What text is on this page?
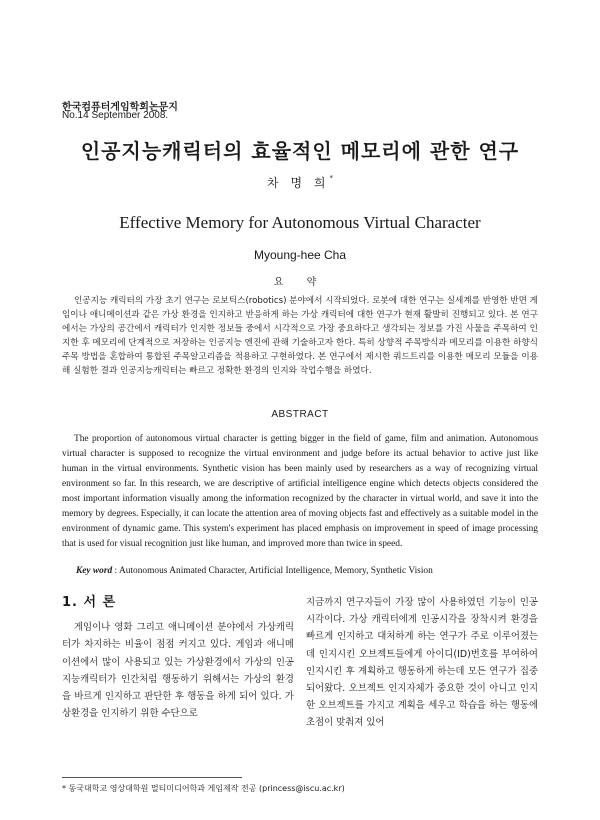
한국컴퓨터게임학회논문지
No.14 September 2008.
인공지능캐릭터의 효율적인 메모리에 관한 연구
차 명 희*
Effective Memory for Autonomous Virtual Character
Myoung-hee Cha
요 약
인공지능 캐릭터의 가장 초기 연구는 로보틱스(robotics) 분야에서 시작되었다. 로봇에 대한 연구는 실세계를 반영한 반면 게임이나 애니메이션과 같은 가상 환경을 인지하고 반응하게 하는 가상 캐릭터에 대한 연구가 현재 활발히 진행되고 있다. 본 연구에서는 가상의 공간에서 캐릭터가 인지한 정보들 중에서 시각적으로 가장 중요하다고 생각되는 정보를 가진 사물을 주목하여 인지한 후 메모리에 단계적으로 저장하는 인공지능 엔진에 관해 기술하고자 한다. 특히 상향적 주목방식과 메모리를 이용한 하향식 주목 방법을 혼합하여 통합된 주목알고리즘을 적용하고 구현하였다. 본 연구에서 제시한 쿼드트리를 이용한 메모리 모듈을 이용해 실험한 결과 인공지능캐릭터는 빠르고 정확한 환경의 인지와 작업수행을 하였다.
ABSTRACT
The proportion of autonomous virtual character is getting bigger in the field of game, film and animation. Autonomous virtual character is supposed to recognize the virtual environment and judge before its actual behavior to active just like human in the virtual environments. Synthetic vision has been mainly used by researchers as a way of recognizing virtual environment so far. In this research, we are descriptive of artificial intelligence engine which detects objects considered the most important information visually among the information recognized by the character in virtual world, and save it into the memory by degrees. Especially, it can locate the attention area of moving objects fast and effectively as a suitable model in the environment of dynamic game. This system's experiment has placed emphasis on improvement in speed of image processing that is used for visual recognition just like human, and improved more than twice in speed.
Key word : Autonomous Animated Character, Artificial Intelligence, Memory, Synthetic Vision
1. 서 론

게임이나 영화 그리고 애니메이션 분야에서 가상캐릭터가 차지하는 비율이 점점 커지고 있다. 게임과 애니메이션에서 많이 사용되고 있는 가상환경에서 가상의 인공지능캐릭터가 인간처럼 행동하기 위해서는 가상의 환경을 바르게 인지하고 판단한 후 행동을 하게 되어 있다. 가상환경을 인지하기 위한 수단으로

지금까지 연구자들이 가장 많이 사용하였던 기능이 인공시각이다. 가상 캐릭터에게 인공시각을 장착시켜 환경을 빠르게 인지하고 대처하게 하는 연구가 주로 이루어졌는데 인지시킨 오브젝트들에게 아이디(ID)번호를 부여하여 인지시킨 후 계획하고 행동하게 하는데 모든 연구가 집중되어왔다. 오브젝트 인지자체가 중요한 것이 아니고 인지한 오브젝트를 가지고 계획을 세우고 학습을 하는 행동에 초점이 맞춰져 있어

* 동국대학교 영상대학원 멀티미디어학과 게임제작 전공 (princess@iscu.ac.kr)
